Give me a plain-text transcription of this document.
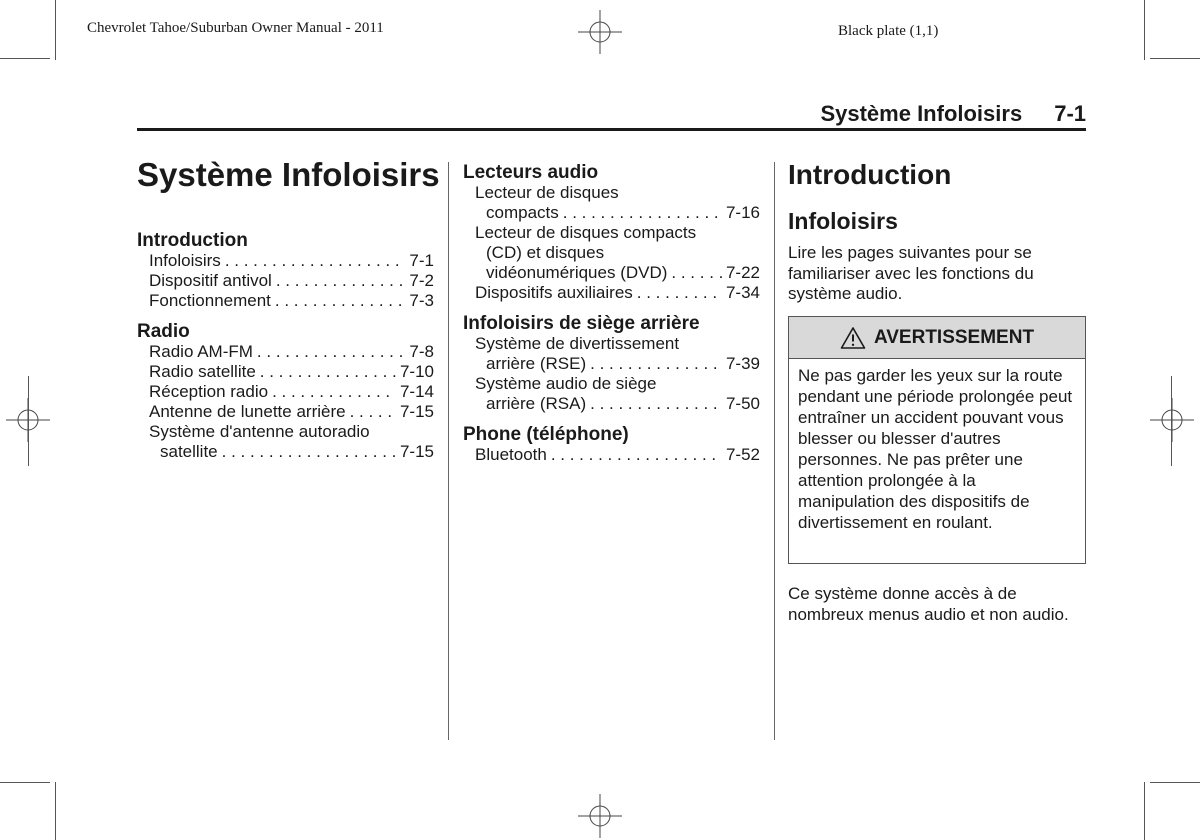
Chevrolet Tahoe/Suburban Owner Manual - 2011	Black plate (1,1)
Système Infoloisirs 7-1
Système Infoloisirs
Introduction
Infoloisirs . . .	7-1
Dispositif antivol . . .	7-2
Fonctionnement . . .	7-3
Radio
Radio AM-FM . . .	7-8
Radio satellite . . .	7-10
Réception radio . . .	7-14
Antenne de lunette arrière . . .	7-15
Système d'antenne autoradio
satellite . . .	7-15
Lecteurs audio
Lecteur de disques
compacts . . .	7-16
Lecteur de disques compacts
(CD) et disques
vidéonumériques (DVD) . . .	7-22
Dispositifs auxiliaires . . .	7-34
Infoloisirs de siège arrière
Système de divertissement
arrière (RSE) . . .	7-39
Système audio de siège
arrière (RSA) . . .	7-50
Phone (téléphone)
Bluetooth . . .	7-52
Introduction
Infoloisirs
Lire les pages suivantes pour se familiariser avec les fonctions du système audio.
AVERTISSEMENT
Ne pas garder les yeux sur la route pendant une période prolongée peut entraîner un accident pouvant vous blesser ou blesser d'autres personnes. Ne pas prêter une attention prolongée à la manipulation des dispositifs de divertissement en roulant.
Ce système donne accès à de nombreux menus audio et non audio.
